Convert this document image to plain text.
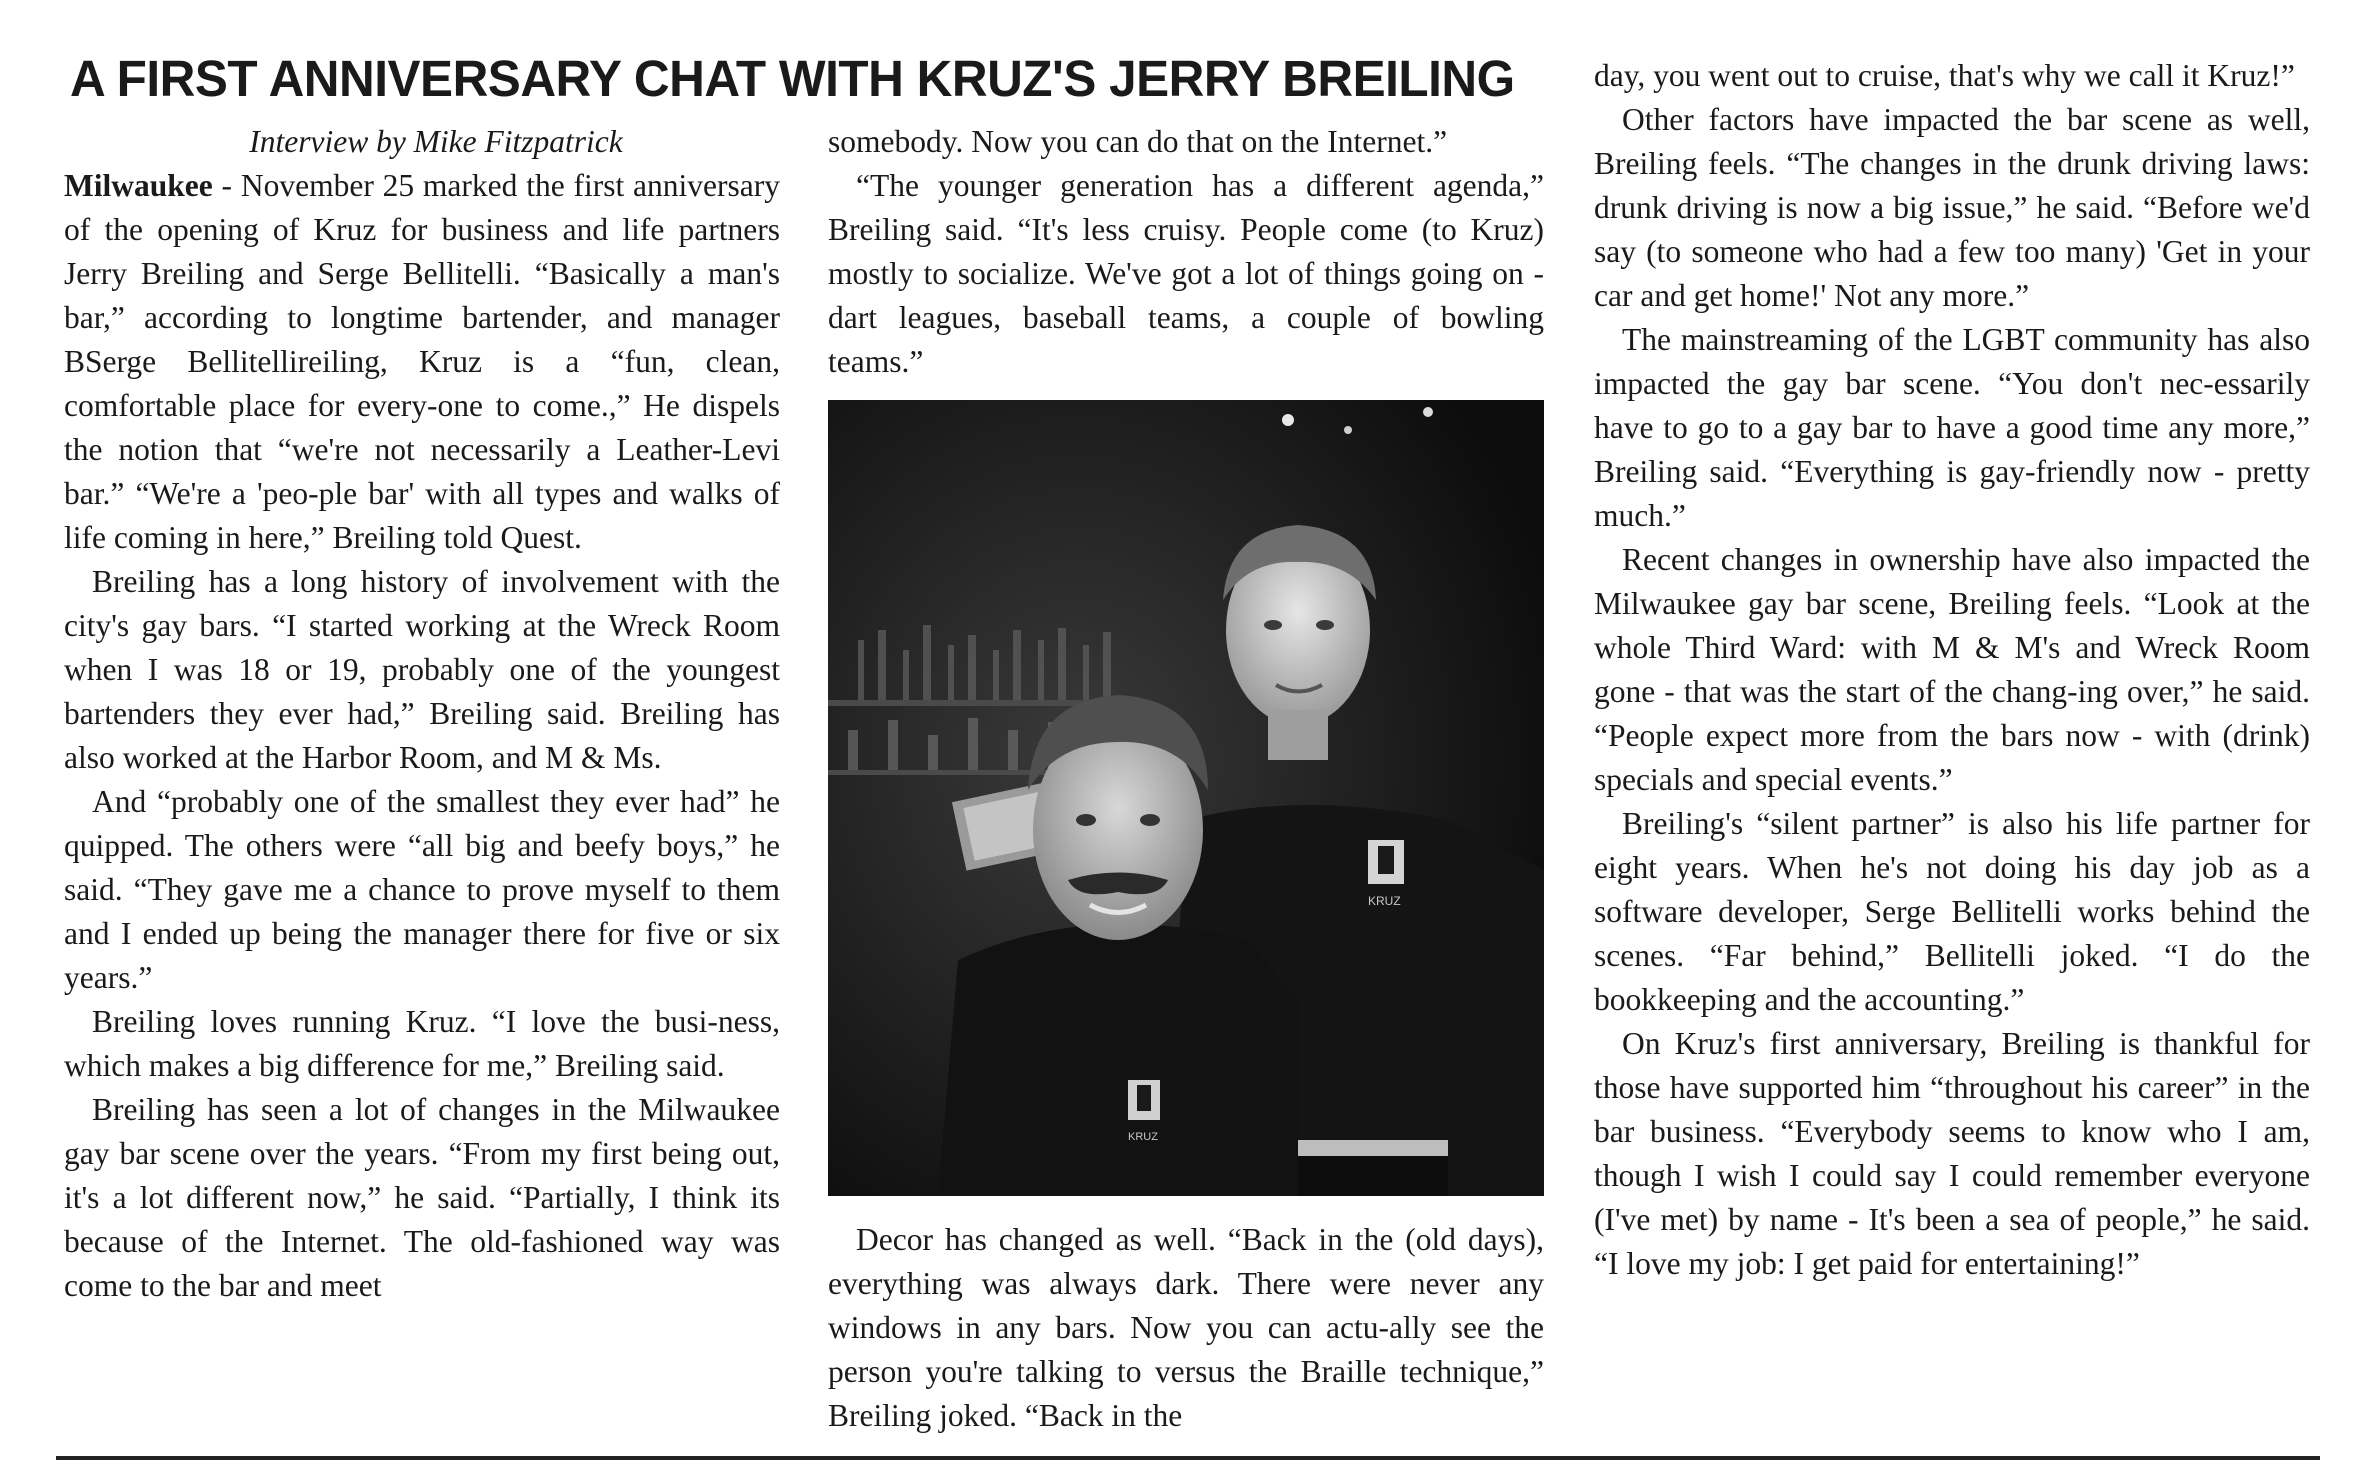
A FIRST ANNIVERSARY CHAT WITH KRUZ'S JERRY BREILING

Interview by Mike Fitzpatrick

Milwaukee - November 25 marked the first anniversary of the opening of Kruz for business and life partners Jerry Breiling and Serge Bellitelli. “Basically a man's bar,” according to longtime bartender, and manager BSerge Bellitellireiling, Kruz is a “fun, clean, comfortable place for every-one to come.,” He dispels the notion that “we're not necessarily a Leather-Levi bar.” “We're a 'peo-ple bar' with all types and walks of life coming in here,” Breiling told Quest.

Breiling has a long history of involvement with the city's gay bars. “I started working at the Wreck Room when I was 18 or 19, probably one of the youngest bartenders they ever had,” Breiling said. Breiling has also worked at the Harbor Room, and M & Ms.

And “probably one of the smallest they ever had” he quipped. The others were “all big and beefy boys,” he said. “They gave me a chance to prove myself to them and I ended up being the manager there for five or six years.”

Breiling loves running Kruz. “I love the busi-ness, which makes a big difference for me,” Breiling said.

Breiling has seen a lot of changes in the Milwaukee gay bar scene over the years. “From my first being out, it's a lot different now,” he said. “Partially, I think its because of the Internet. The old-fashioned way was come to the bar and meet

somebody. Now you can do that on the Internet.”

“The younger generation has a different agenda,” Breiling said. “It's less cruisy. People come (to Kruz) mostly to socialize. We've got a lot of things going on - dart leagues, baseball teams, a couple of bowling teams.”

KRUZ
KRUZ

Decor has changed as well. “Back in the (old days), everything was always dark. There were never any windows in any bars. Now you can actu-ally see the person you're talking to versus the Braille technique,” Breiling joked. “Back in the

day, you went out to cruise, that's why we call it Kruz!”

Other factors have impacted the bar scene as well, Breiling feels. “The changes in the drunk driving laws: drunk driving is now a big issue,” he said. “Before we'd say (to someone who had a few too many) 'Get in your car and get home!' Not any more.”

The mainstreaming of the LGBT community has also impacted the gay bar scene. “You don't nec-essarily have to go to a gay bar to have a good time any more,” Breiling said. “Everything is gay-friendly now - pretty much.”

Recent changes in ownership have also impacted the Milwaukee gay bar scene, Breiling feels. “Look at the whole Third Ward: with M & M's and Wreck Room gone - that was the start of the chang-ing over,” he said. “People expect more from the bars now - with (drink) specials and special events.”

Breiling's “silent partner” is also his life partner for eight years. When he's not doing his day job as a software developer, Serge Bellitelli works behind the scenes. “Far behind,” Bellitelli joked. “I do the bookkeeping and the accounting.”

On Kruz's first anniversary, Breiling is thankful for those have supported him “throughout his career” in the bar business. “Everybody seems to know who I am, though I wish I could say I could remember everyone (I've met) by name - It's been a sea of people,” he said. “I love my job: I get paid for entertaining!”
